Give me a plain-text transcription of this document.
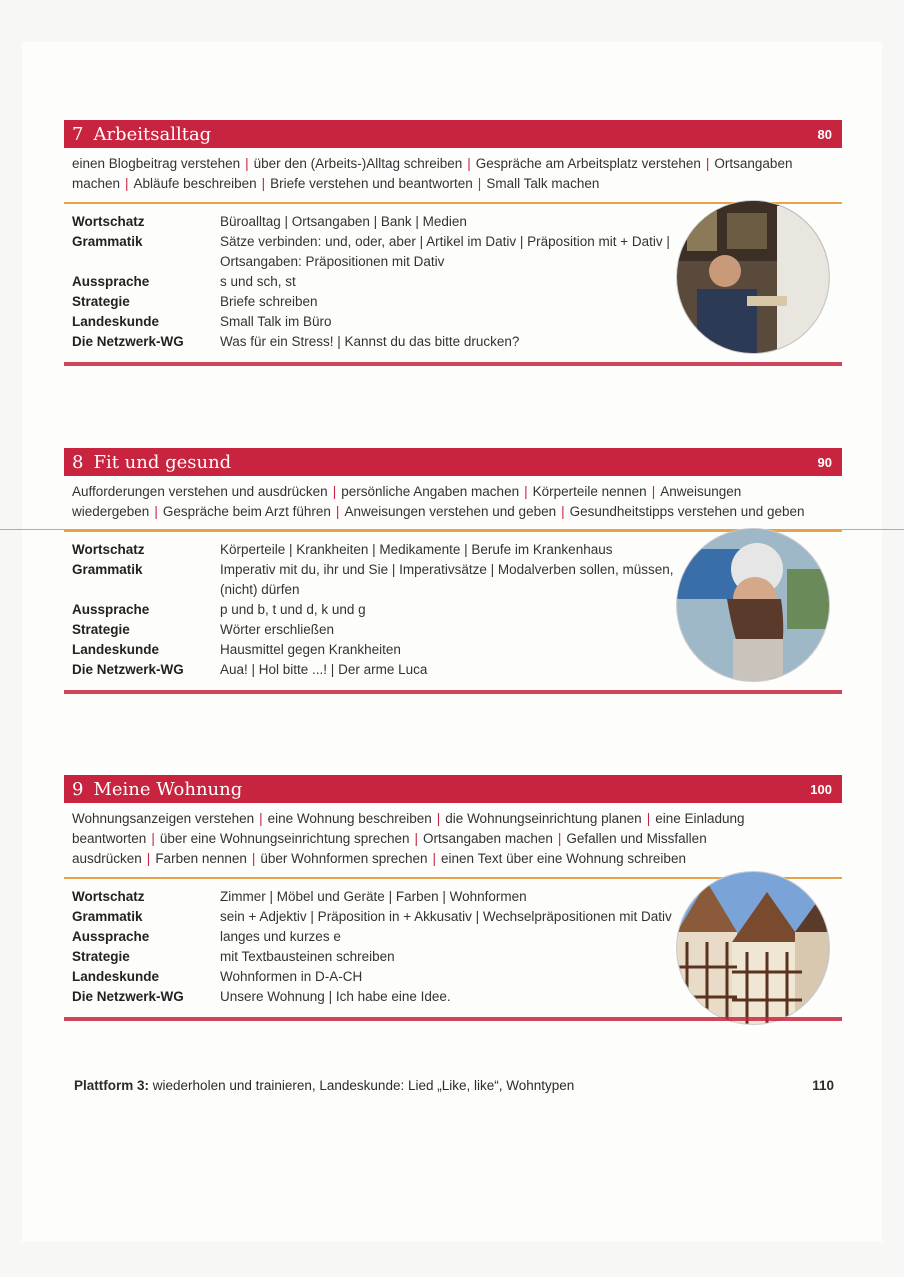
7 Arbeitsalltag	80
einen Blogbeitrag verstehen | über den (Arbeits-)Alltag schreiben | Gespräche am Arbeitsplatz verstehen | Ortsangaben machen | Abläufe beschreiben | Briefe verstehen und beantworten | Small Talk machen
Wortschatz	Büroalltag | Ortsangaben | Bank | Medien
Grammatik	Sätze verbinden: und, oder, aber | Artikel im Dativ | Präposition mit + Dativ | Ortsangaben: Präpositionen mit Dativ
Aussprache	s und sch, st
Strategie	Briefe schreiben
Landeskunde	Small Talk im Büro
Die Netzwerk-WG	Was für ein Stress! | Kannst du das bitte drucken?
8 Fit und gesund	90
Aufforderungen verstehen und ausdrücken | persönliche Angaben machen | Körperteile nennen | Anweisungen wiedergeben | Gespräche beim Arzt führen | Anweisungen verstehen und geben | Gesundheitstipps verstehen und geben
Wortschatz	Körperteile | Krankheiten | Medikamente | Berufe im Krankenhaus
Grammatik	Imperativ mit du, ihr und Sie | Imperativsätze | Modalverben sollen, müssen, (nicht) dürfen
Aussprache	p und b, t und d, k und g
Strategie	Wörter erschließen
Landeskunde	Hausmittel gegen Krankheiten
Die Netzwerk-WG	Aua! | Hol bitte ...! | Der arme Luca
9 Meine Wohnung	100
Wohnungsanzeigen verstehen | eine Wohnung beschreiben | die Wohnungseinrichtung planen | eine Einladung beantworten | über eine Wohnungseinrichtung sprechen | Ortsangaben machen | Gefallen und Missfallen ausdrücken | Farben nennen | über Wohnformen sprechen | einen Text über eine Wohnung schreiben
Wortschatz	Zimmer | Möbel und Geräte | Farben | Wohnformen
Grammatik	sein + Adjektiv | Präposition in + Akkusativ | Wechselpräpositionen mit Dativ
Aussprache	langes und kurzes e
Strategie	mit Textbausteinen schreiben
Landeskunde	Wohnformen in D-A-CH
Die Netzwerk-WG	Unsere Wohnung | Ich habe eine Idee.
Plattform 3: wiederholen und trainieren, Landeskunde: Lied „Like, like“, Wohntypen	110
